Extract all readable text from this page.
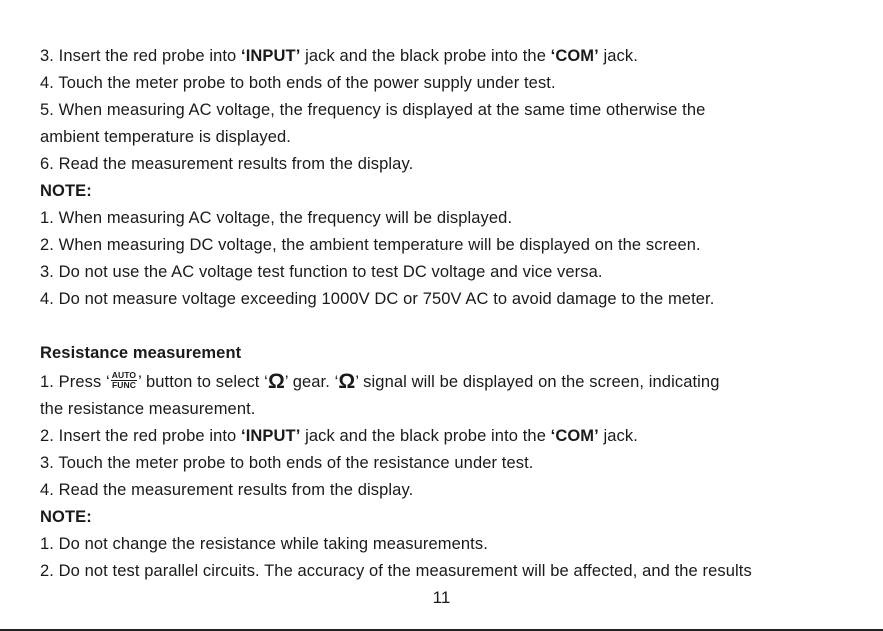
3. Insert the red probe into ‘INPUT’ jack and the black probe into the ‘COM’ jack.
4. Touch the meter probe to both ends of the power supply under test.
5. When measuring AC voltage, the frequency is displayed at the same time otherwise the
ambient temperature is displayed.
6. Read the measurement results from the display.
NOTE:
1. When measuring AC voltage, the frequency will be displayed.
2. When measuring DC voltage, the ambient temperature will be displayed on the screen.
3. Do not use the AC voltage test function to test DC voltage and vice versa.
4. Do not measure voltage exceeding 1000V DC or 750V AC to avoid damage to the meter.
Resistance measurement
1. Press ‘ AUTO
FUNC ’ button to select ‘Ω’ gear. ‘Ω’ signal will be displayed on the screen, indicating
the resistance measurement.
2. Insert the red probe into ‘INPUT’ jack and the black probe into the ‘COM’ jack.
3. Touch the meter probe to both ends of the resistance under test.
4. Read the measurement results from the display.
NOTE:
1. Do not change the resistance while taking measurements.
2. Do not test parallel circuits. The accuracy of the measurement will be affected, and the results
11
